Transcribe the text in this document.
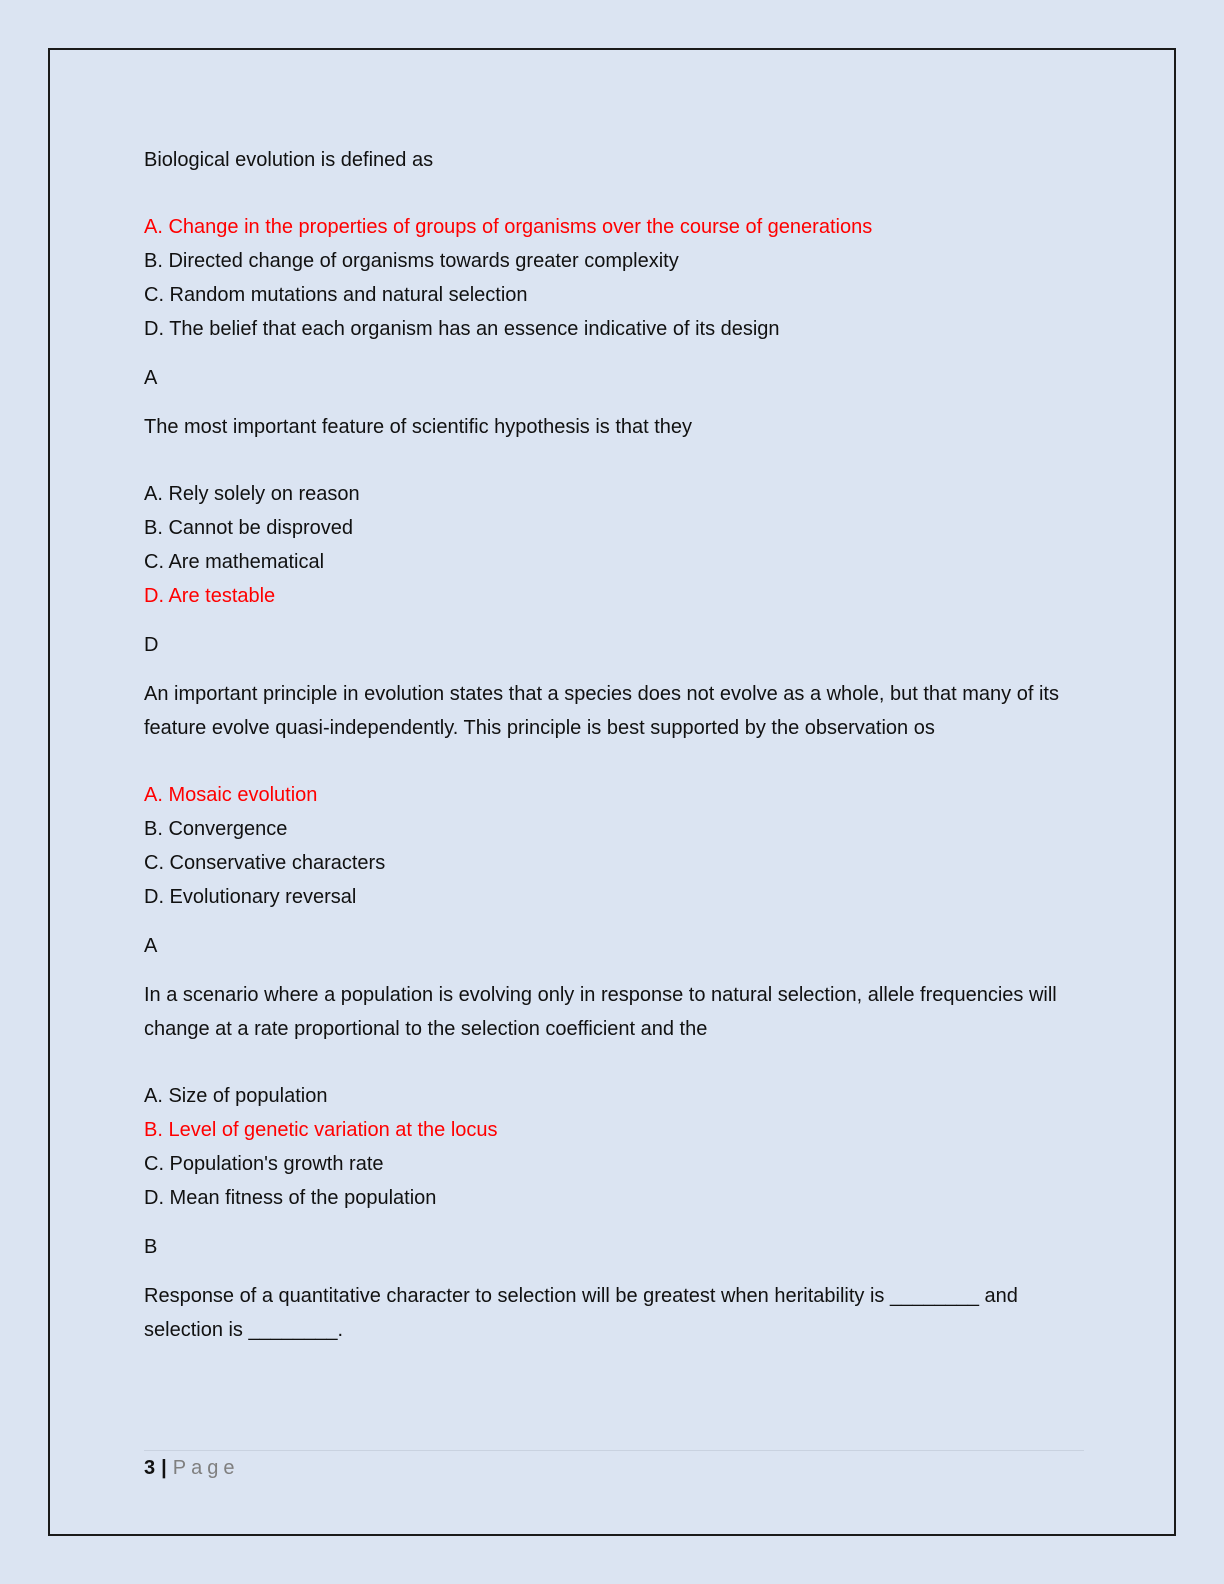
Biological evolution is defined as
A. Change in the properties of groups of organisms over the course of generations
B. Directed change of organisms towards greater complexity
C. Random mutations and natural selection
D. The belief that each organism has an essence indicative of its design
A
The most important feature of scientific hypothesis is that they
A. Rely solely on reason
B. Cannot be disproved
C. Are mathematical
D. Are testable
D
An important principle in evolution states that a species does not evolve as a whole, but that many of its feature evolve quasi-independently. This principle is best supported by the observation os
A. Mosaic evolution
B. Convergence
C. Conservative characters
D. Evolutionary reversal
A
In a scenario where a population is evolving only in response to natural selection, allele frequencies will change at a rate proportional to the selection coefficient and the
A. Size of population
B. Level of genetic variation at the locus
C. Population's growth rate
D. Mean fitness of the population
B
Response of a quantitative character to selection will be greatest when heritability is ________ and selection is ________.
3 | Page
